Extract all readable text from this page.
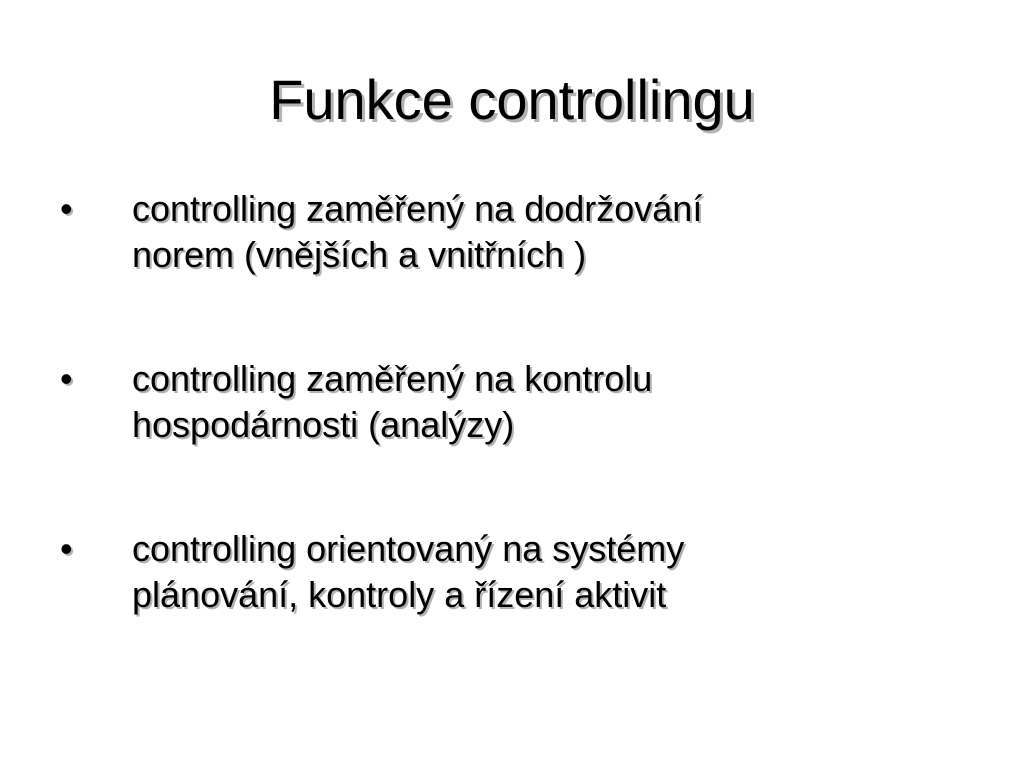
Funkce controllingu
•	controlling zaměřený na dodržování
norem (vnějších a vnitřních )
•	controlling zaměřený na kontrolu
hospodárnosti (analýzy)
•	controlling orientovaný na systémy
plánování, kontroly a řízení aktivit
